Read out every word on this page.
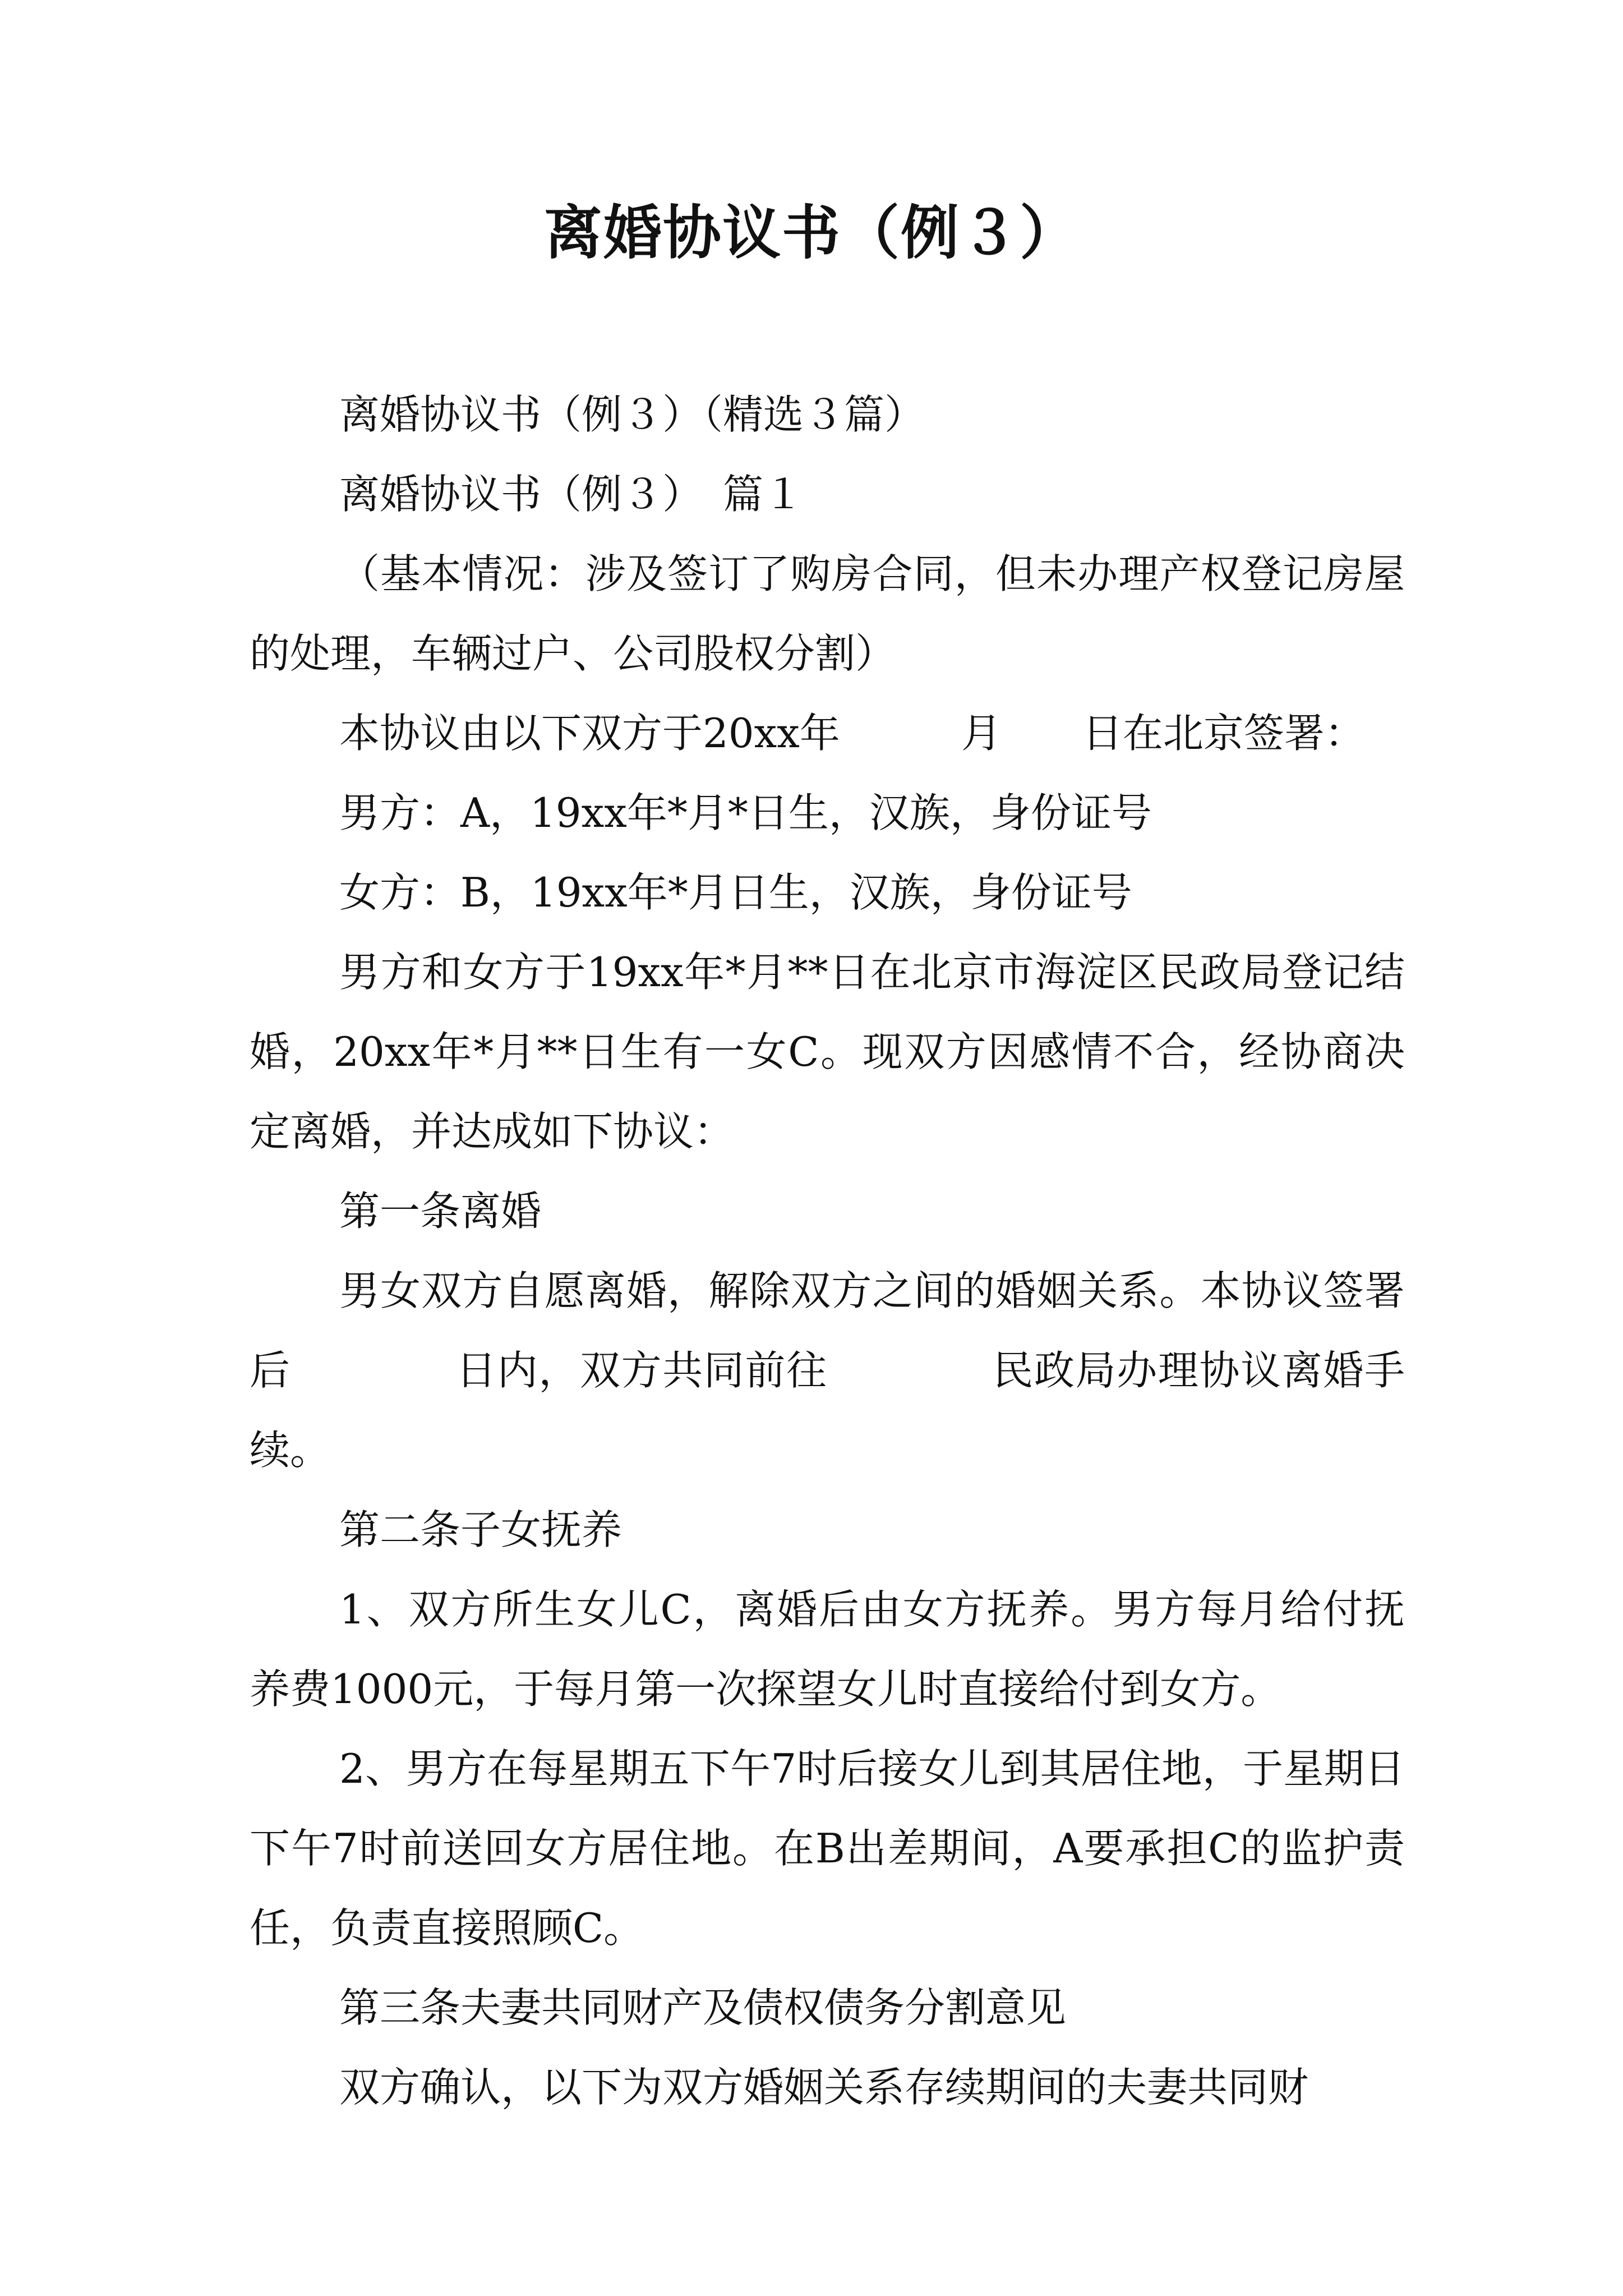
离婚协议书（例３）

离婚协议书（例３）（精选３篇）

离婚协议书（例３）　篇１

（基本情况：涉及签订了购房合同，但未办理产权登记房屋的处理，车辆过户、公司股权分割）

本协议由以下双方于20xx年　　　月　　日在北京签署：

男方：A，19xx年*月*日生，汉族，身份证号

女方：B，19xx年*月日生，汉族，身份证号

男方和女方于19xx年*月**日在北京市海淀区民政局登记结婚，20xx年*月**日生有一女C。现双方因感情不合，经协商决定离婚，并达成如下协议：

第一条离婚

男女双方自愿离婚，解除双方之间的婚姻关系。本协议签署后　　　　日内，双方共同前往　　　　民政局办理协议离婚手续。

第二条子女抚养

1、双方所生女儿C，离婚后由女方抚养。男方每月给付抚养费1000元，于每月第一次探望女儿时直接给付到女方。

2、男方在每星期五下午7时后接女儿到其居住地，于星期日下午7时前送回女方居住地。在B出差期间，A要承担C的监护责任，负责直接照顾C。

第三条夫妻共同财产及债权债务分割意见

双方确认，以下为双方婚姻关系存续期间的夫妻共同财
